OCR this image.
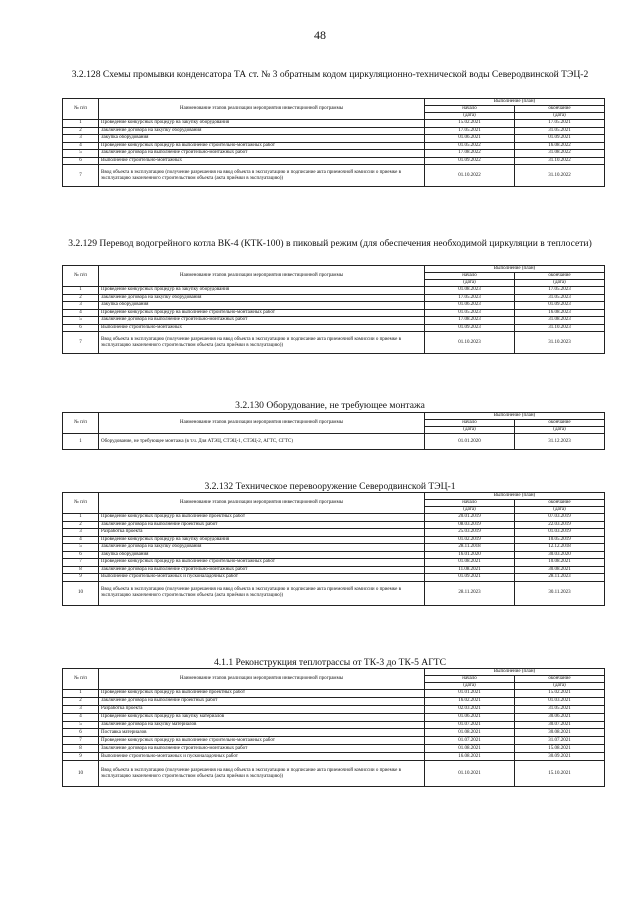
48
3.2.128 Схемы промывки конденсатора ТА ст. № 3 обратным кодом циркуляционно-технической воды Северодвинской ТЭЦ-2
№ п/п	Наименование этапов реализации мероприятия инвестиционной программы	Выполнение (план)	
		начало	окончание
		(дата)	(дата)
1	Проведение конкурсных процедур на закупку оборудования	15.02.2021	17.05.2021
2	Заключение договора на закупку оборудования	17.05.2021	31.05.2021
3	Закупка оборудования	01.06.2021	01.09.2021
4	Проведение конкурсных процедур на выполнение строительно-монтажных работ	01.05.2022	16.08.2022
5	Заключение договора на выполнение строительно-монтажных работ	17.08.2022	31.08.2022
6	Выполнение строительно-монтажных	01.09.2022	31.10.2022
7	Ввод объекта в эксплуатацию (получение разрешения на ввод объекта в эксплуатацию и подписание акта приемочной комиссии о приемке в эксплуатацию законченного строительством объекта (акта приёмки в эксплуатацию))	01.10.2022	31.10.2022
3.2.129 Перевод водогрейного котла ВК-4 (КТК-100) в пиковый режим (для обеспечения необходимой циркуляции в теплосети)
№ п/п	Наименование этапов реализации мероприятия инвестиционной программы	Выполнение (план)	
		начало	окончание
		(дата)	(дата)
1	Проведение конкурсных процедур на закупку оборудования	01.08.2023	17.05.2023
2	Заключение договора на закупку оборудования	17.05.2023	31.05.2023
3	Закупка оборудования	01.06.2023	01.09.2023
4	Проведение конкурсных процедур на выполнение строительно-монтажных работ	01.05.2023	16.08.2023
5	Заключение договора на выполнение строительно-монтажных работ	17.08.2023	31.08.2023
6	Выполнение строительно-монтажных	01.09.2023	31.10.2023
7	Ввод объекта в эксплуатацию (получение разрешения на ввод объекта в эксплуатацию и подписание акта приемочной комиссии о приемке в эксплуатацию законченного строительством объекта (акта приёмки в эксплуатацию))	01.10.2023	31.10.2023
3.2.130 Оборудование, не требующее монтажа
№ п/п	Наименование этапов реализации мероприятия инвестиционной программы	Выполнение (план)	
		начало	окончание
		(дата)	(дата)
1	Оборудование, не требующее монтажа (в т.ч. Для АТЭЦ, СТЭЦ-1, СТЭЦ-2, АГТС, СГТС)	01.01.2020	31.12.2023
3.2.132 Техническое перевооружение Северодвинской ТЭЦ-1
№ п/п	Наименование этапов реализации мероприятия инвестиционной программы	Выполнение (план)	
		начало	окончание
		(дата)	(дата)
1	Проведение конкурсных процедур на выполнение проектных работ	20.01.2019	07.03.2019
2	Заключение договора на выполнение проектных работ	08.03.2019	22.03.2019
3	Разработка проекта	25.03.2019	01.03.2019
4	Проведение конкурсных процедур на закупку оборудования	01.02.2019	10.05.2019
5	Заключение договора на закупку оборудования	28.11.2018	12.12.2018
6	Закупка оборудования	16.01.2020	30.03.2020
7	Проведение конкурсных процедур на выполнение строительно-монтажных работ	01.08.2021	10.08.2021
8	Заключение договора на выполнение строительно-монтажных работ	11.08.2021	30.08.2021
9	Выполнение строительно-монтажных и пусконаладочных работ	01.09.2021	28.11.2023
10	Ввод объекта в эксплуатацию (получение разрешения на ввод объекта в эксплуатацию и подписание акта приемочной комиссии о приемке в эксплуатацию законченного строительством объекта (акта приёмки в эксплуатацию))	28.11.2023	30.11.2023
4.1.1 Реконструкция теплотрассы от ТК-3 до ТК-5 АГТС
№ п/п	Наименование этапов реализации мероприятия инвестиционной программы	Выполнение (план)	
		начало	окончание
		(дата)	(дата)
1	Проведение конкурсных процедур на выполнение проектных работ	01.01.2021	15.02.2021
2	Заключение договора на выполнение проектных работ	16.02.2021	01.03.2021
3	Разработка проекта	02.03.2021	31.05.2021
4	Проведение конкурсных процедур на закупку материалов	01.06.2021	30.06.2021
5	Заключение договора на закупку материалов	01.07.2021	30.07.2021
6	Поставка материалов	01.08.2021	30.08.2021
7	Проведение конкурсных процедур на выполнение строительно-монтажных работ	01.07.2021	31.07.2021
8	Заключение договора на выполнение строительно-монтажных работ	01.08.2021	15.08.2021
9	Выполнение строительно-монтажных и пусконаладочных работ	16.08.2021	30.09.2021
10	Ввод объекта в эксплуатацию (получение разрешения на ввод объекта в эксплуатацию и подписание акта приемочной комиссии о приемке в эксплуатацию законченного строительством объекта (акта приёмки в эксплуатацию))	01.10.2021	15.10.2021
